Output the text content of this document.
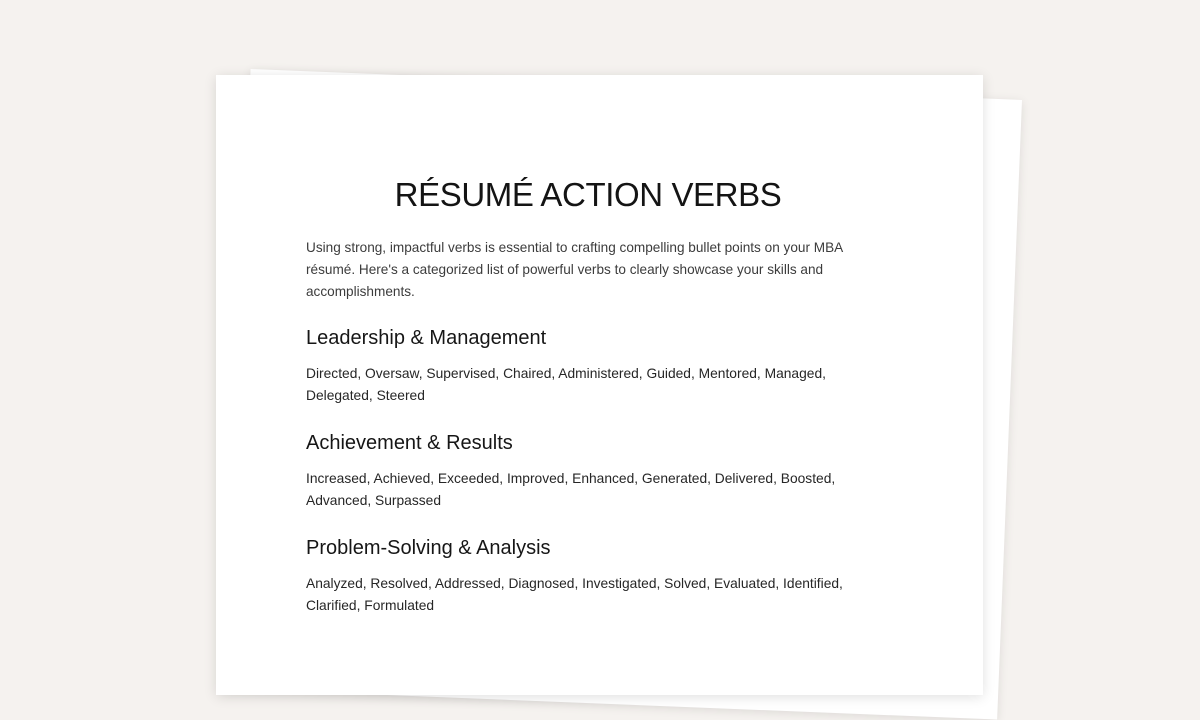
RÉSUMÉ ACTION VERBS

Using strong, impactful verbs is essential to crafting compelling bullet points on your MBA résumé. Here's a categorized list of powerful verbs to clearly showcase your skills and accomplishments.

Leadership & Management

Directed, Oversaw, Supervised, Chaired, Administered, Guided, Mentored, Managed, Delegated, Steered

Achievement & Results

Increased, Achieved, Exceeded, Improved, Enhanced, Generated, Delivered, Boosted, Advanced, Surpassed

Problem-Solving & Analysis

Analyzed, Resolved, Addressed, Diagnosed, Investigated, Solved, Evaluated, Identified, Clarified, Formulated
